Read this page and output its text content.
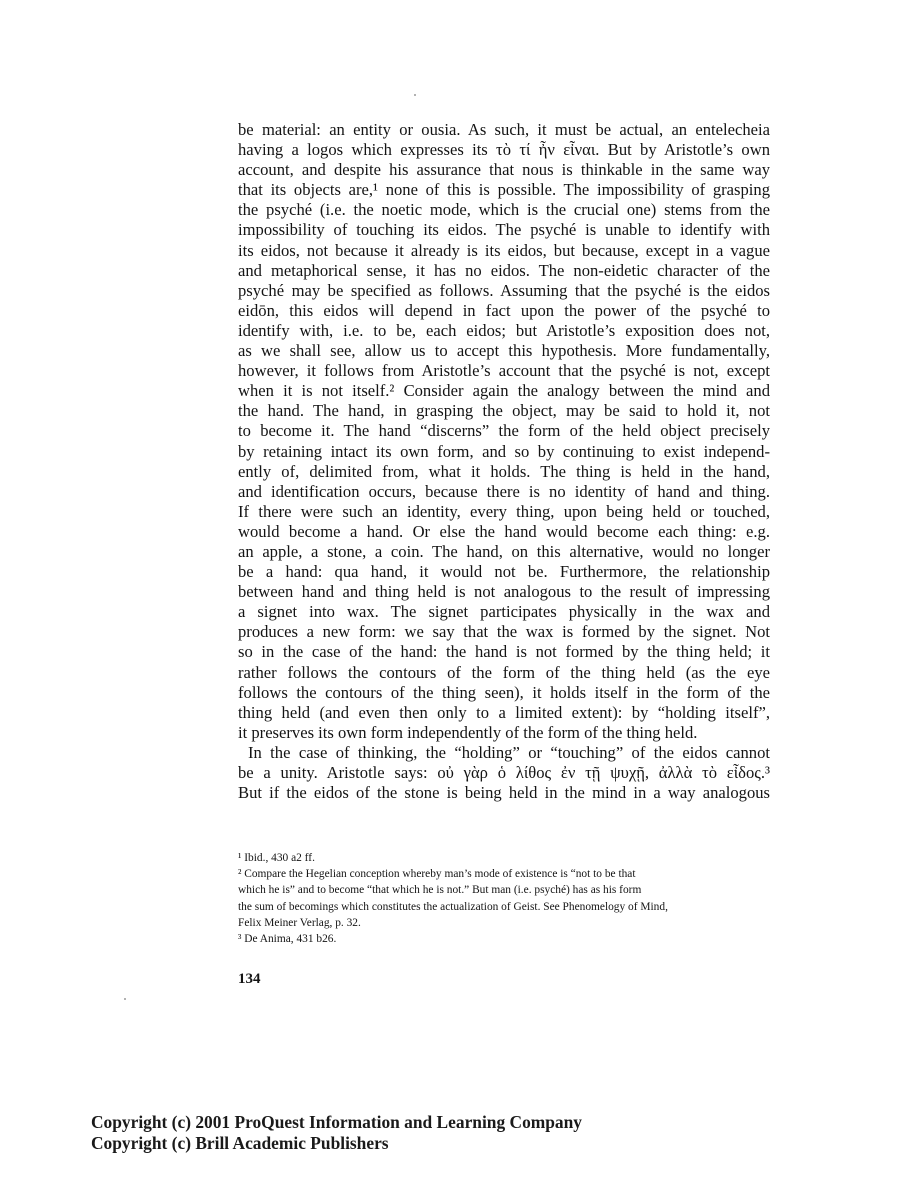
be material: an entity or ousia. As such, it must be actual, an entelecheia
having a logos which expresses its τὸ τί ἦν εἶναι. But by Aristotle’s own
account, and despite his assurance that nous is thinkable in the same way
that its objects are,¹ none of this is possible. The impossibility of grasping
the psyché (i.e. the noetic mode, which is the crucial one) stems from the
impossibility of touching its eidos. The psyché is unable to identify with
its eidos, not because it already is its eidos, but because, except in a vague
and metaphorical sense, it has no eidos. The non-eidetic character of the
psyché may be specified as follows. Assuming that the psyché is the eidos
eidōn, this eidos will depend in fact upon the power of the psyché to
identify with, i.e. to be, each eidos; but Aristotle’s exposition does not,
as we shall see, allow us to accept this hypothesis. More fundamentally,
however, it follows from Aristotle’s account that the psyché is not, except
when it is not itself.² Consider again the analogy between the mind and
the hand. The hand, in grasping the object, may be said to hold it, not
to become it. The hand “discerns” the form of the held object precisely
by retaining intact its own form, and so by continuing to exist independ-
ently of, delimited from, what it holds. The thing is held in the hand,
and identification occurs, because there is no identity of hand and thing.
If there were such an identity, every thing, upon being held or touched,
would become a hand. Or else the hand would become each thing: e.g.
an apple, a stone, a coin. The hand, on this alternative, would no longer
be a hand: qua hand, it would not be. Furthermore, the relationship
between hand and thing held is not analogous to the result of impressing
a signet into wax. The signet participates physically in the wax and
produces a new form: we say that the wax is formed by the signet. Not
so in the case of the hand: the hand is not formed by the thing held; it
rather follows the contours of the form of the thing held (as the eye
follows the contours of the thing seen), it holds itself in the form of the
thing held (and even then only to a limited extent): by “holding itself”,
it preserves its own form independently of the form of the thing held.
In the case of thinking, the “holding” or “touching” of the eidos cannot
be a unity. Aristotle says: οὐ γὰρ ὁ λίθος ἐν τῇ ψυχῇ, ἀλλὰ τὸ εἶδος.³
But if the eidos of the stone is being held in the mind in a way analogous
¹ Ibid., 430 a2 ff.
² Compare the Hegelian conception whereby man’s mode of existence is “not to be that
which he is” and to become “that which he is not.” But man (i.e. psyché) has as his form
the sum of becomings which constitutes the actualization of Geist. See Phenomelogy of Mind,
Felix Meiner Verlag, p. 32.
³ De Anima, 431 b26.
134
Copyright (c) 2001 ProQuest Information and Learning Company
Copyright (c) Brill Academic Publishers
